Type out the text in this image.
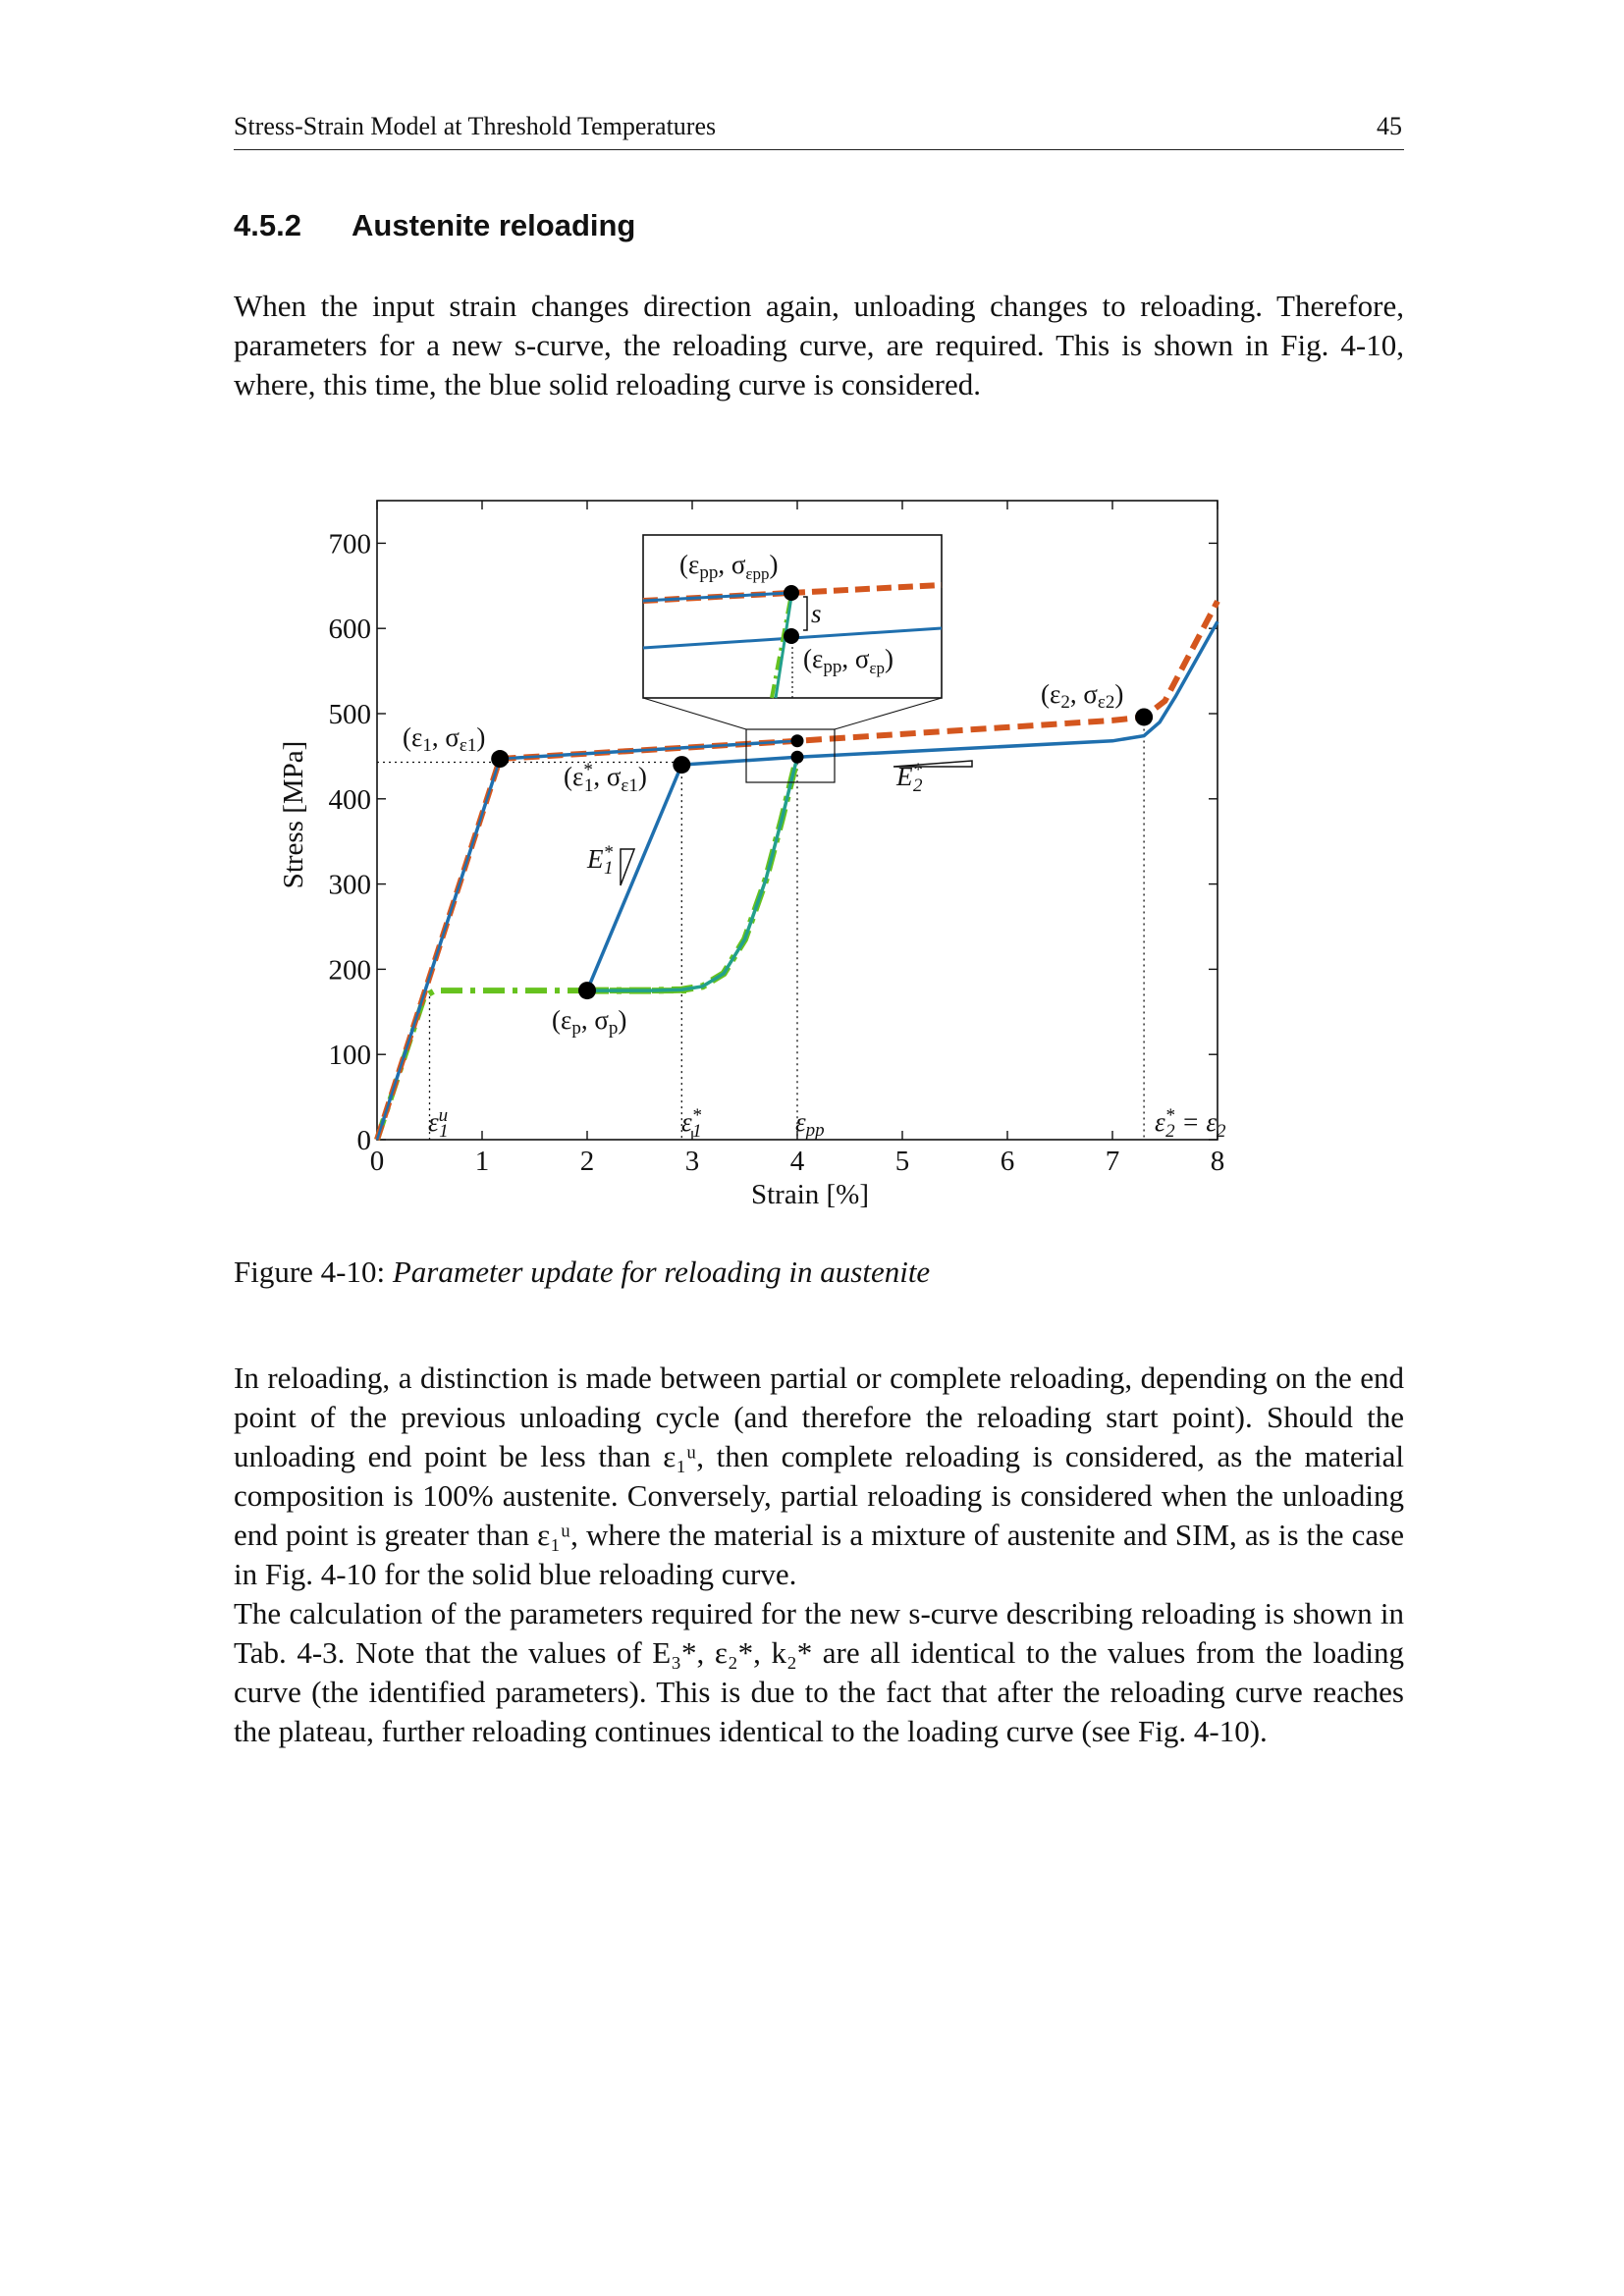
Stress-Strain Model at Threshold Temperatures	45
4.5.2 Austenite reloading

When the input strain changes direction again, unloading changes to reloading. Therefore, parameters for a new s-curve, the reloading curve, are required. This is shown in Fig. 4-10, where, this time, the blue solid reloading curve is considered.

0	1	2	3	4	5	6	7	8
0
100
200
300
400
500
600
700
s
(εpp, $\sigma_{\varepsilon pp}$)
(εpp, $\sigma_{\varepsilon p}$)
(ε1, σε1)
(ε* 1, $\sigma_{\varepsilon 1}$)
(εp, σp)
(ε2, σε2)
E* 1
E* 2
$\varepsilon^u$ 1	ε* 1	εpp	ε* $2 = \varepsilon_2$
Strain [%]
Stress [MPa]
Figure 4-10: Parameter update for reloading in austenite

In reloading, a distinction is made between partial or complete reloading, depending on the end point of the previous unloading cycle (and therefore the reloading start point). Should the unloading end point be less than ε₁ᵘ, then complete reloading is considered, as the material composition is 100% austenite. Conversely, partial reloading is considered when the unloading end point is greater than ε₁ᵘ, where the material is a mixture of austenite and SIM, as is the case in Fig. 4-10 for the solid blue reloading curve.

The calculation of the parameters required for the new s-curve describing reloading is shown in Tab. 4-3. Note that the values of E₃*, ε₂*, k₂* are all identical to the values from the loading curve (the identified parameters). This is due to the fact that after the reloading curve reaches the plateau, further reloading continues identical to the loading curve (see Fig. 4-10).
